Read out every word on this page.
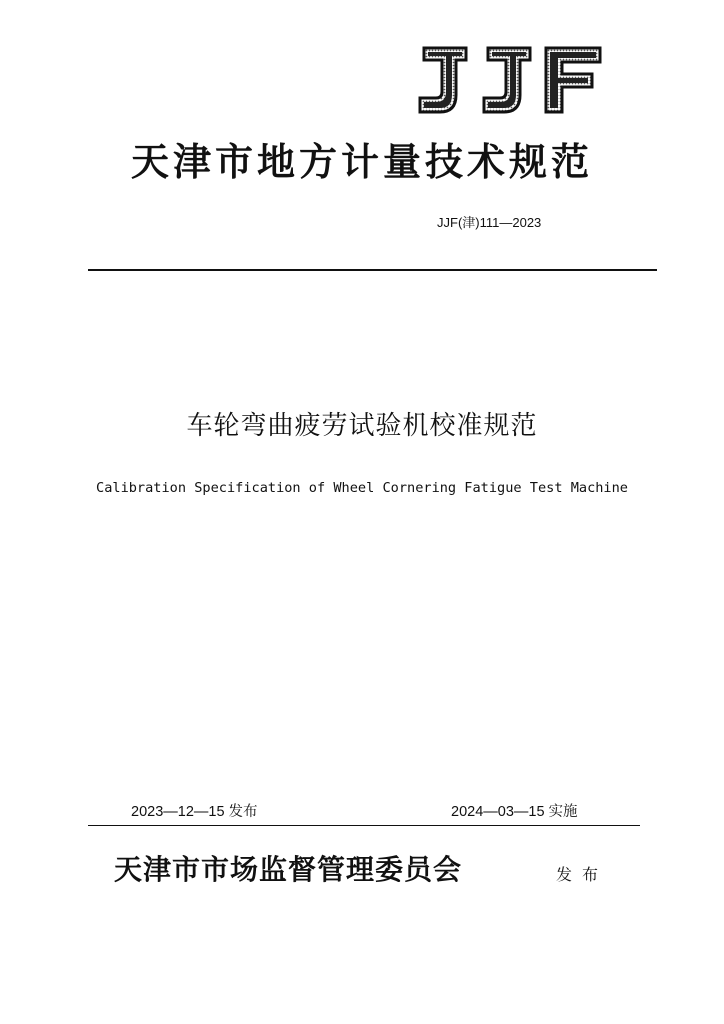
天津市地方计量技术规范
JJF(津)111—2023
车轮弯曲疲劳试验机校准规范
Calibration Specification of Wheel Cornering Fatigue Test Machine
2023—12—15 发布	2024—03—15 实施
天津市市场监督管理委员会	发布
